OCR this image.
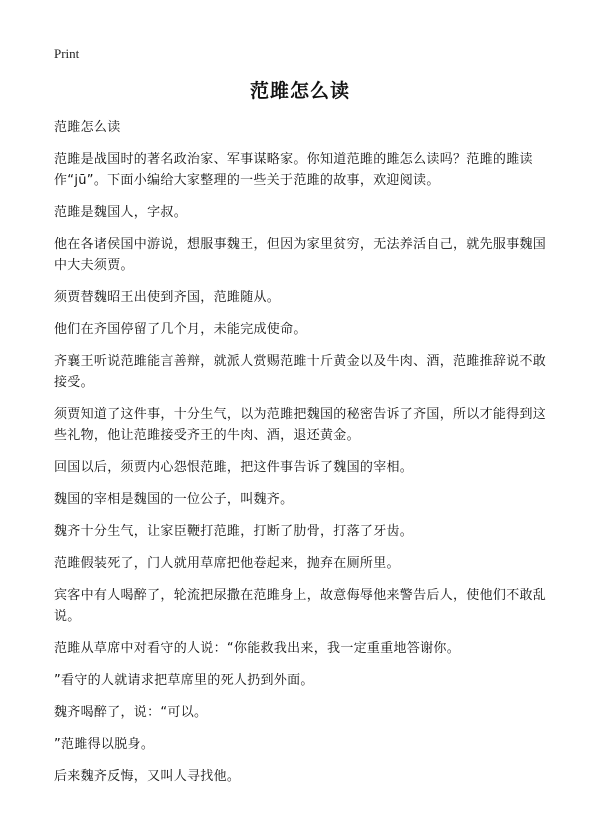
Print
范雎怎么读

范雎怎么读

范雎是战国时的著名政治家、军事谋略家。你知道范雎的雎怎么读吗？范雎的雎读作“jū”。下面小编给大家整理的一些关于范雎的故事，欢迎阅读。

范雎是魏国人，字叔。

他在各诸侯国中游说，想服事魏王，但因为家里贫穷，无法养活自己，就先服事魏国中大夫须贾。

须贾替魏昭王出使到齐国，范雎随从。

他们在齐国停留了几个月，未能完成使命。

齐襄王听说范雎能言善辩，就派人赏赐范雎十斤黄金以及牛肉、酒，范雎推辞说不敢接受。

须贾知道了这件事，十分生气，以为范雎把魏国的秘密告诉了齐国，所以才能得到这些礼物，他让范雎接受齐王的牛肉、酒，退还黄金。

回国以后，须贾内心怨恨范雎，把这件事告诉了魏国的宰相。

魏国的宰相是魏国的一位公子，叫魏齐。

魏齐十分生气，让家臣鞭打范雎，打断了肋骨，打落了牙齿。

范雎假装死了，门人就用草席把他卷起来，抛弃在厕所里。

宾客中有人喝醉了，轮流把尿撒在范雎身上，故意侮辱他来警告后人，使他们不敢乱说。

范雎从草席中对看守的人说：“你能救我出来，我一定重重地答谢你。

”看守的人就请求把草席里的死人扔到外面。

魏齐喝醉了，说：“可以。

”范雎得以脱身。

后来魏齐反悔，又叫人寻找他。
